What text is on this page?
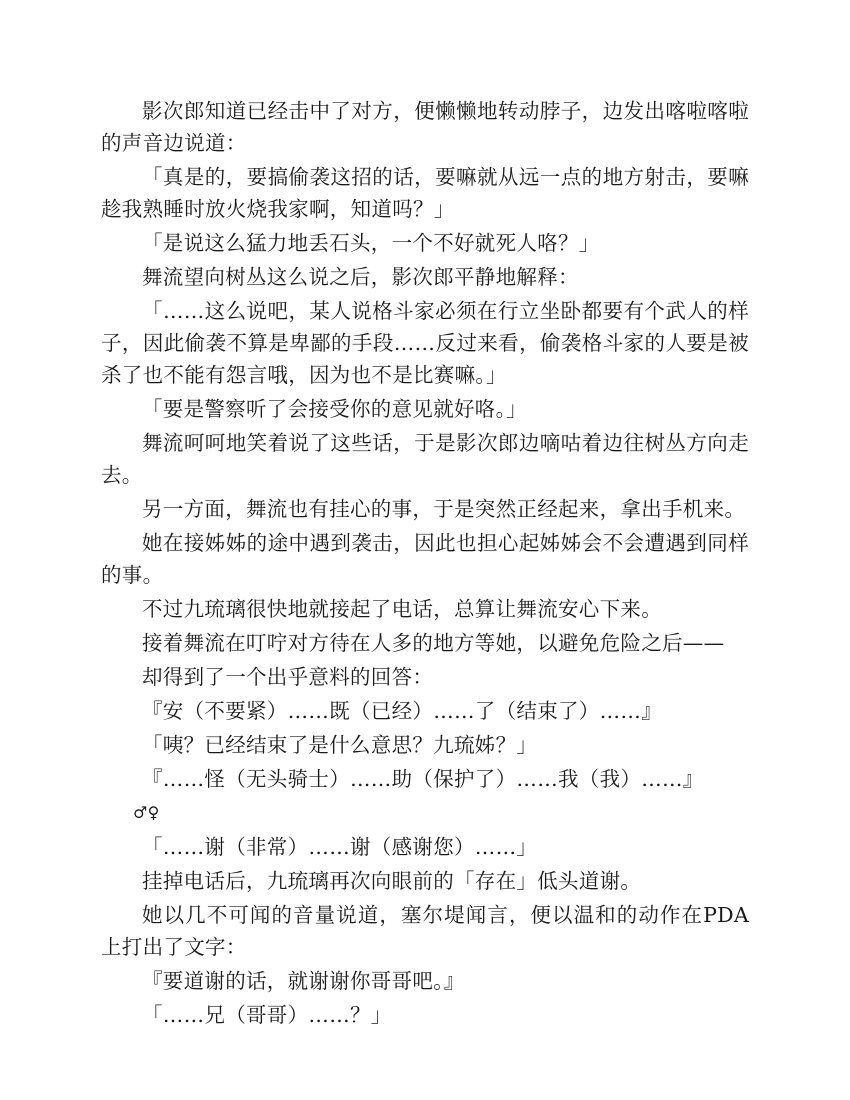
影次郎知道已经击中了对方，便懒懒地转动脖子，边发出喀啦喀啦的声音边说道：

「真是的，要搞偷袭这招的话，要嘛就从远一点的地方射击，要嘛趁我熟睡时放火烧我家啊，知道吗？」

「是说这么猛力地丢石头，一个不好就死人咯？」

舞流望向树丛这么说之后，影次郎平静地解释：

「……这么说吧，某人说格斗家必须在行立坐卧都要有个武人的样子，因此偷袭不算是卑鄙的手段……反过来看，偷袭格斗家的人要是被杀了也不能有怨言哦，因为也不是比赛嘛。」

「要是警察听了会接受你的意见就好咯。」

舞流呵呵地笑着说了这些话，于是影次郎边嘀咕着边往树丛方向走去。

另一方面，舞流也有挂心的事，于是突然正经起来，拿出手机来。

她在接姊姊的途中遇到袭击，因此也担心起姊姊会不会遭遇到同样的事。

不过九琉璃很快地就接起了电话，总算让舞流安心下来。

接着舞流在叮咛对方待在人多的地方等她，以避免危险之后——

却得到了一个出乎意料的回答：

『安（不要紧）……既（已经）……了（结束了）……』

「咦？已经结束了是什么意思？九琉姊？」

『……怪（无头骑士）……助（保护了）……我（我）……』

♂♀

「……谢（非常）……谢（感谢您）……」

挂掉电话后，九琉璃再次向眼前的「存在」低头道谢。

她以几不可闻的音量说道，塞尔堤闻言，便以温和的动作在PDA上打出了文字：

『要道谢的话，就谢谢你哥哥吧。』

「……兄（哥哥）……？」
